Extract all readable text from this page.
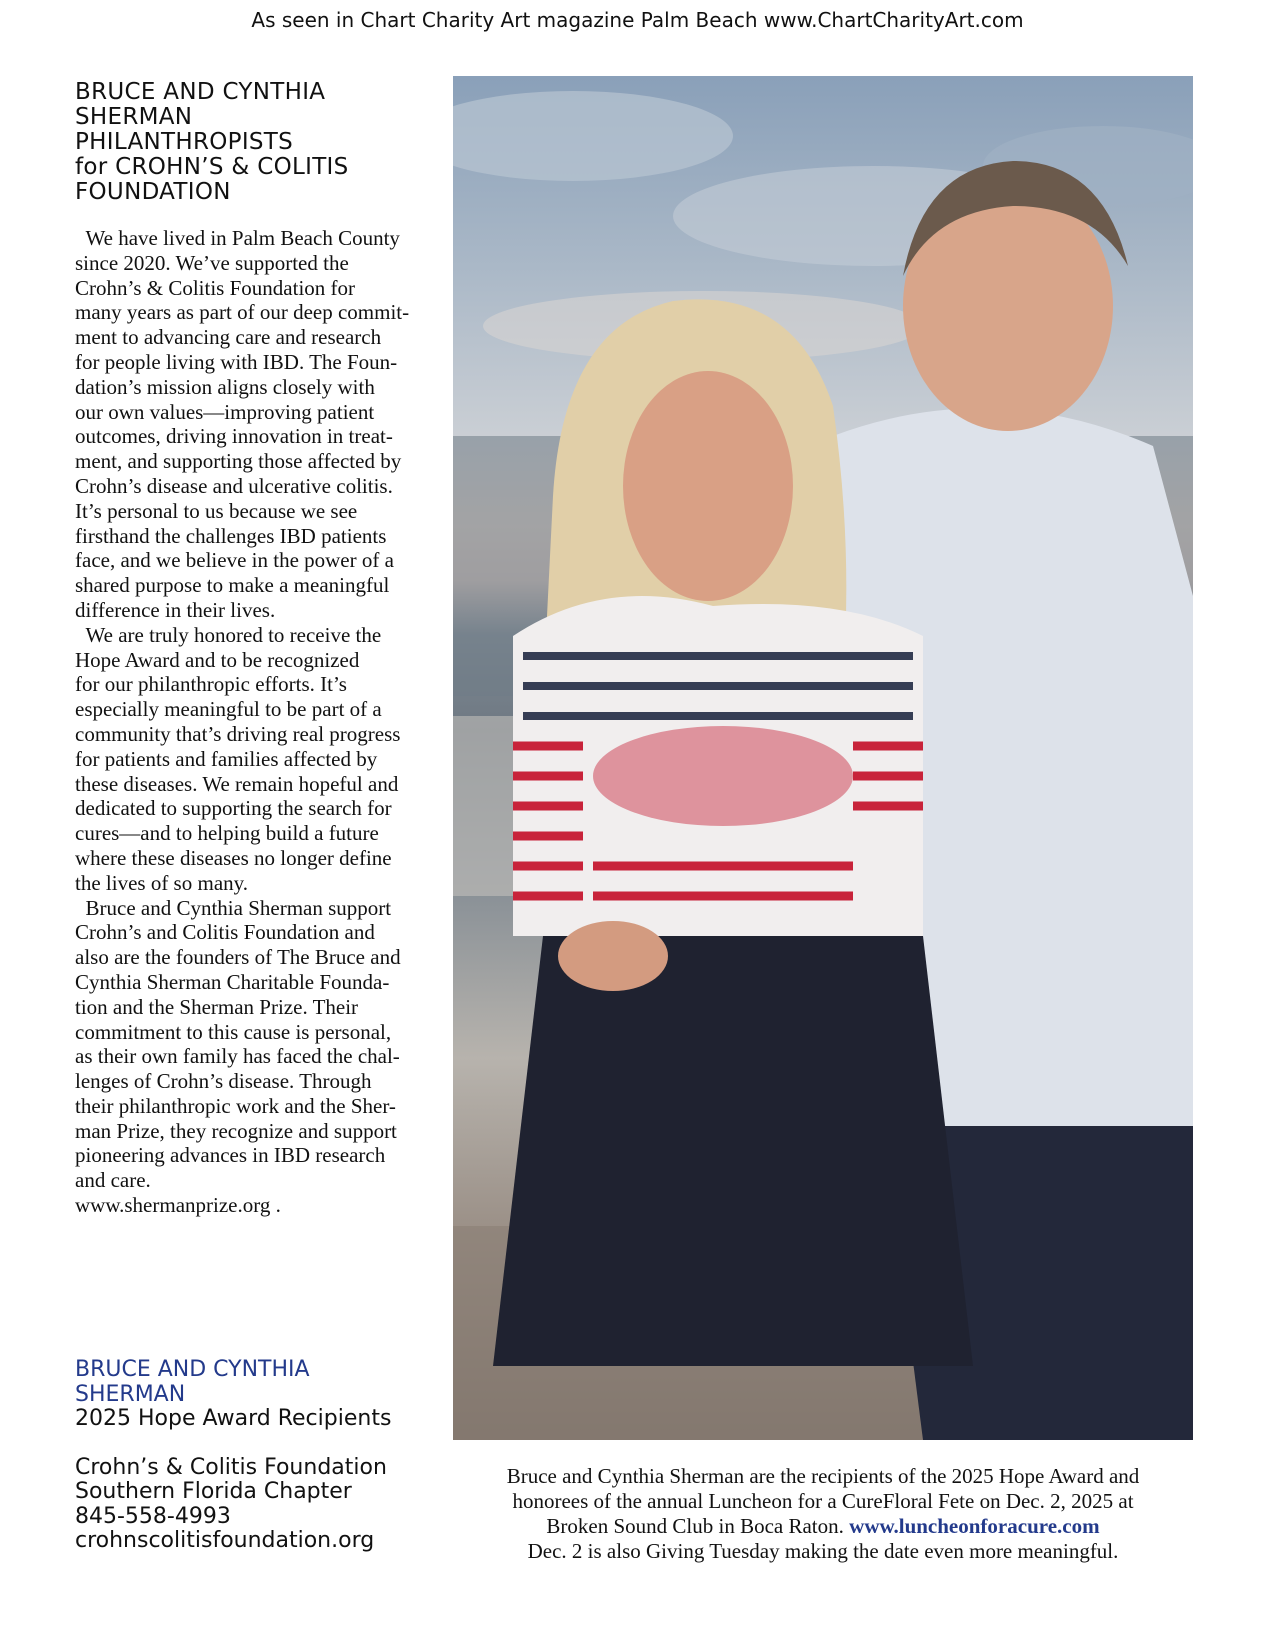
As seen in Chart Charity Art magazine Palm Beach www.ChartCharityArt.com
BRUCE AND CYNTHIA
SHERMAN
PHILANTHROPISTS
for CROHN’S & COLITIS
FOUNDATION
We have lived in Palm Beach County
since 2020. We’ve supported the
Crohn’s & Colitis Foundation for
many years as part of our deep commit-
ment to advancing care and research
for people living with IBD. The Foun-
dation’s mission aligns closely with
our own values—improving patient
outcomes, driving innovation in treat-
ment, and supporting those affected by
Crohn’s disease and ulcerative colitis.
It’s personal to us because we see
firsthand the challenges IBD patients
face, and we believe in the power of a
shared purpose to make a meaningful
difference in their lives.
We are truly honored to receive the
Hope Award and to be recognized
for our philanthropic efforts. It’s
especially meaningful to be part of a
community that’s driving real progress
for patients and families affected by
these diseases. We remain hopeful and
dedicated to supporting the search for
cures—and to helping build a future
where these diseases no longer define
the lives of so many.
Bruce and Cynthia Sherman support
Crohn’s and Colitis Foundation and
also are the founders of The Bruce and
Cynthia Sherman Charitable Founda-
tion and the Sherman Prize. Their
commitment to this cause is personal,
as their own family has faced the chal-
lenges of Crohn’s disease. Through
their philanthropic work and the Sher-
man Prize, they recognize and support
pioneering advances in IBD research
and care.
www.shermanprize.org .
BRUCE AND CYNTHIA
SHERMAN
2025 Hope Award Recipients
Crohn’s & Colitis Foundation
Southern Florida Chapter
845-558-4993
crohnscolitisfoundation.org
Bruce and Cynthia Sherman are the recipients of the 2025 Hope Award and
honorees of the annual Luncheon for a CureFloral Fete on Dec. 2, 2025 at
Broken Sound Club in Boca Raton. www.luncheonforacure.com
Dec. 2 is also Giving Tuesday making the date even more meaningful.
